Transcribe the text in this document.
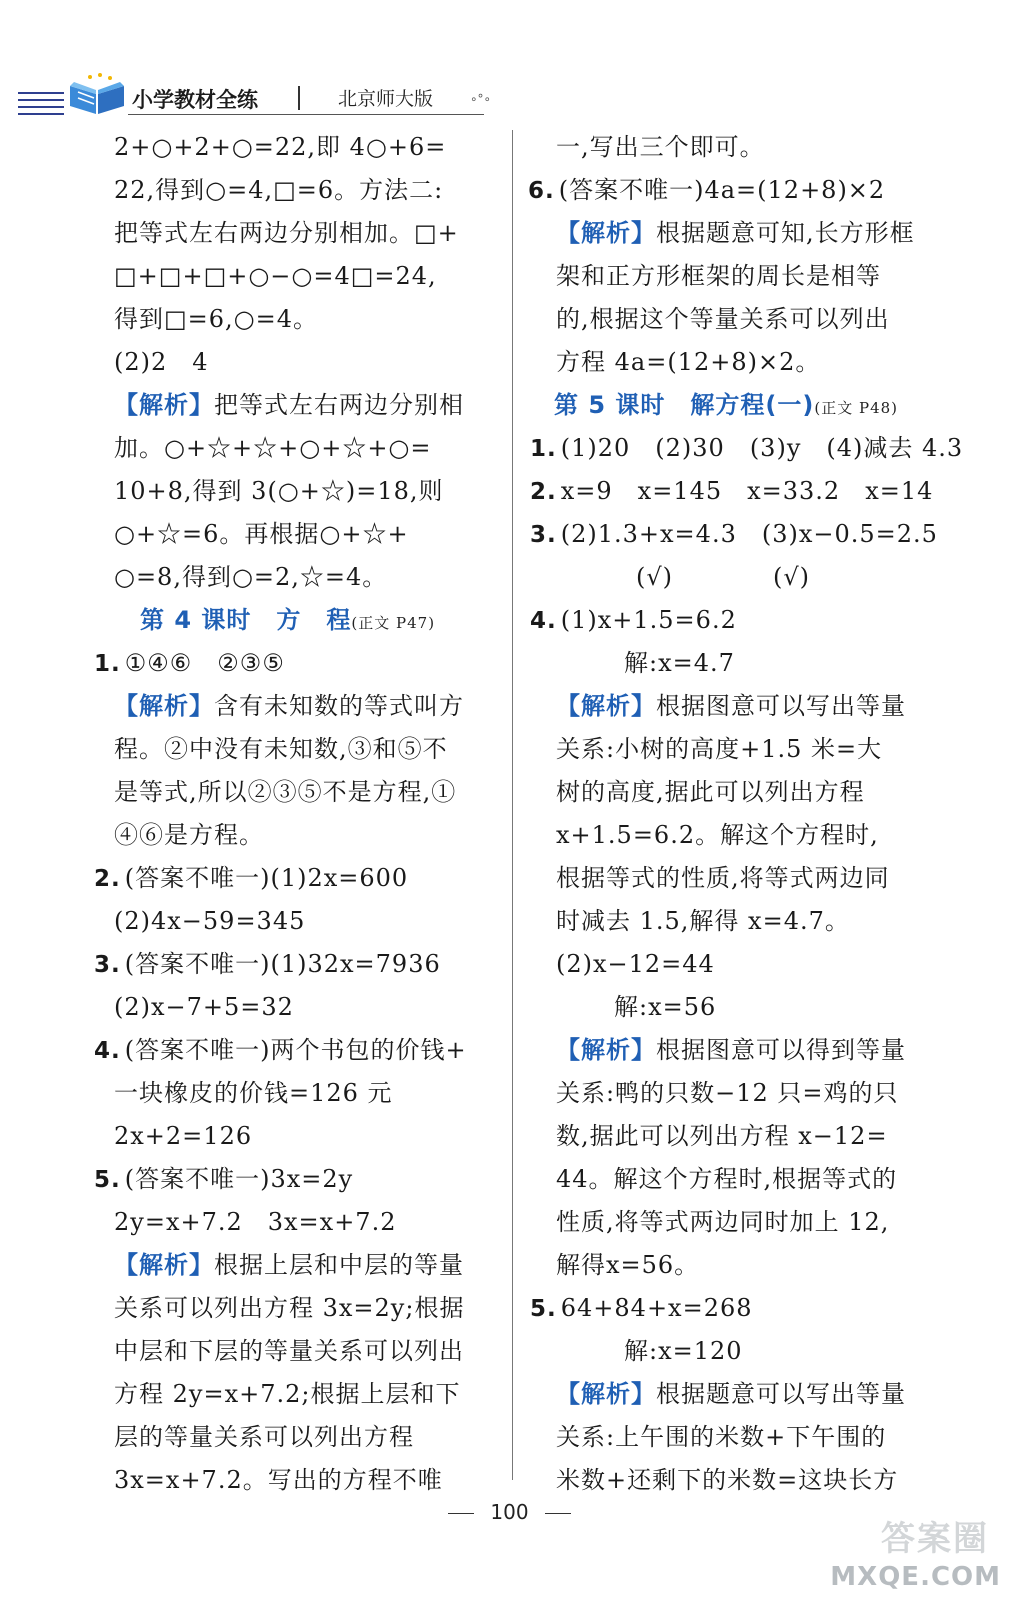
小学教材全练	北京师大版	∘°∘
2+○+2+○=22,即 4○+6=
22,得到○=4,□=6。方法二:
把等式左右两边分别相加。□+
□+□+□+○−○=4□=24,
得到□=6,○=4。
(2)2　4
【解析】把等式左右两边分别相
加。○+☆+☆+○+☆+○=
10+8,得到 3(○+☆)=18,则
○+☆=6。再根据○+☆+
○=8,得到○=2,☆=4。
第 4 课时　方　程(正文 P47)
1. ①④⑥　②③⑤
【解析】含有未知数的等式叫方
程。②中没有未知数,③和⑤不
是等式,所以②③⑤不是方程,①
④⑥是方程。
2. (答案不唯一)(1)2x=600
(2)4x−59=345
3. (答案不唯一)(1)32x=7936
(2)x−7+5=32
4. (答案不唯一)两个书包的价钱+
一块橡皮的价钱=126 元
2x+2=126
5. (答案不唯一)3x=2y
2y=x+7.2　3x=x+7.2
【解析】根据上层和中层的等量
关系可以列出方程 3x=2y;根据
中层和下层的等量关系可以列出
方程 2y=x+7.2;根据上层和下
层的等量关系可以列出方程
3x=x+7.2。写出的方程不唯
一,写出三个即可。
6. (答案不唯一)4a=(12+8)×2
【解析】根据题意可知,长方形框
架和正方形框架的周长是相等
的,根据这个等量关系可以列出
方程 4a=(12+8)×2。
第 5 课时　解方程(一)(正文 P48)
1. (1)20　(2)30　(3)y　(4)减去 4.3
2. x=9　x=145　x=33.2　x=14
3. (2)1.3+x=4.3　(3)x−0.5=2.5
(√)　　　　(√)
4. (1)x+1.5=6.2
解:x=4.7
【解析】根据图意可以写出等量
关系:小树的高度+1.5 米=大
树的高度,据此可以列出方程
x+1.5=6.2。解这个方程时,
根据等式的性质,将等式两边同
时减去 1.5,解得 x=4.7。
(2)x−12=44
解:x=56
【解析】根据图意可以得到等量
关系:鸭的只数−12 只=鸡的只
数,据此可以列出方程 x−12=
44。解这个方程时,根据等式的
性质,将等式两边同时加上 12,
解得x=56。
5. 64+84+x=268
解:x=120
【解析】根据题意可以写出等量
关系:上午围的米数+下午围的
米数+还剩下的米数=这块长方
100
答案圈
MXQE.COM
